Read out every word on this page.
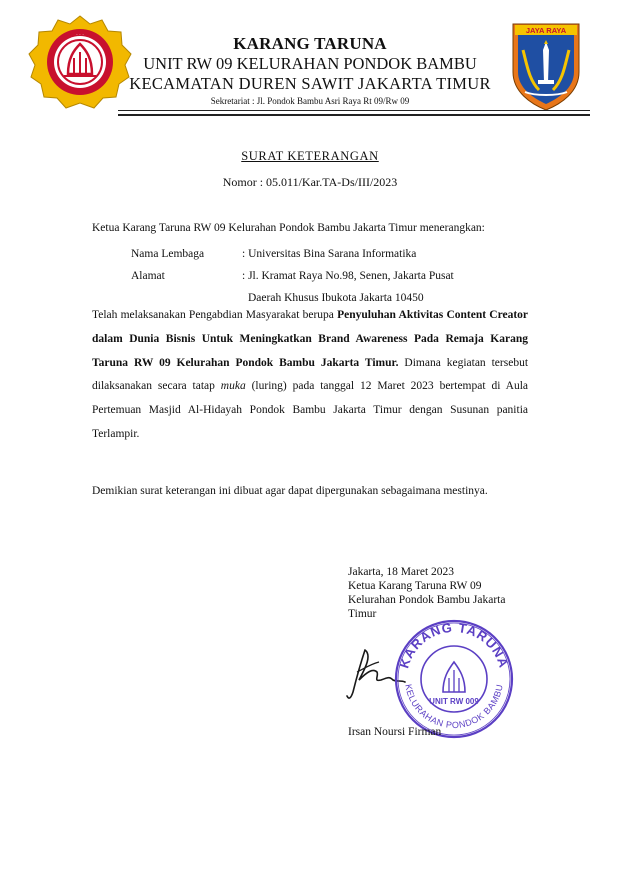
· · ·	JAYA RAYA
KARANG TARUNA
UNIT RW 09 KELURAHAN PONDOK BAMBU
KECAMATAN DUREN SAWIT JAKARTA TIMUR
Sekretariat : Jl. Pondok Bambu Asri Raya Rt 09/Rw 09
SURAT KETERANGAN
Nomor : 05.011/Kar.TA-Ds/III/2023
Ketua Karang Taruna RW 09 Kelurahan Pondok Bambu Jakarta Timur menerangkan:
Nama Lembaga	: Universitas Bina Sarana Informatika
Alamat	: Jl. Kramat Raya No.98, Senen, Jakarta Pusat
Daerah Khusus Ibukota Jakarta 10450
Telah melaksanakan Pengabdian Masyarakat berupa Penyuluhan Aktivitas Content Creator dalam Dunia Bisnis Untuk Meningkatkan Brand Awareness Pada Remaja Karang Taruna RW 09 Kelurahan Pondok Bambu Jakarta Timur. Dimana kegiatan tersebut dilaksanakan secara tatap muka (luring) pada tanggal 12 Maret 2023 bertempat di Aula Pertemuan Masjid Al-Hidayah Pondok Bambu Jakarta Timur dengan Susunan panitia Terlampir.
Demikian surat keterangan ini dibuat agar dapat dipergunakan sebagaimana mestinya.
Jakarta, 18 Maret 2023
Ketua Karang Taruna RW 09
Kelurahan Pondok Bambu Jakarta
Timur
KARANG TARUNA
KELURAHAN PONDOK BAMBU
UNIT RW 009
Irsan Noursi Firman
